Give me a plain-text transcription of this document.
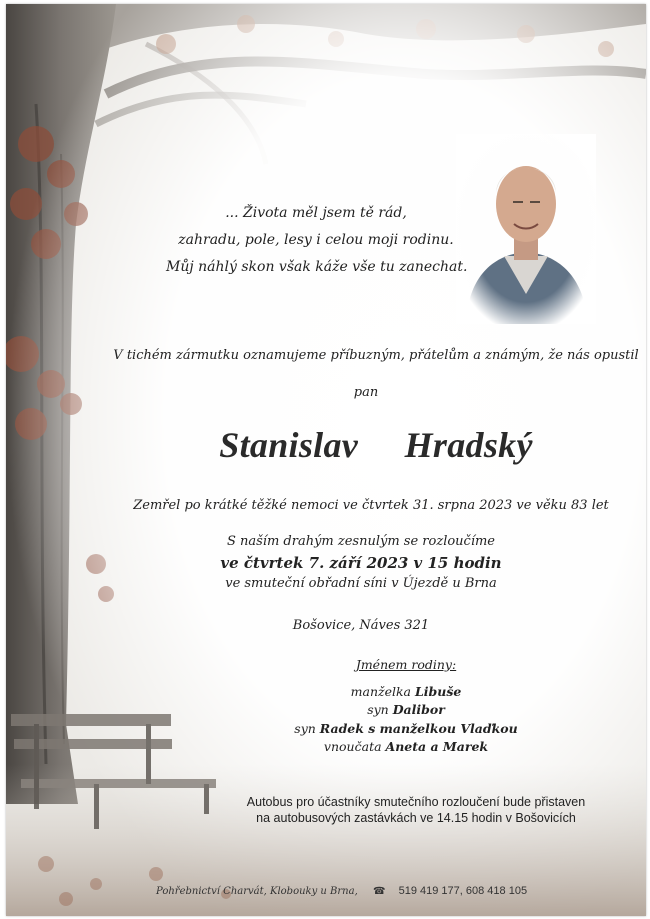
... Života měl jsem tě rád,
zahradu, pole, lesy i celou moji rodinu.
Můj náhlý skon však káže vše tu zanechat.
V tichém zármutku oznamujeme příbuzným, přátelům a známým, že nás opustil
pan
Stanislav  Hradský
Zemřel po krátké těžké nemoci ve čtvrtek 31. srpna 2023 ve věku 83 let
S naším drahým zesnulým se rozloučíme
ve čtvrtek 7. září 2023 v 15 hodin
ve smuteční obřadní síni v Újezdě u Brna
Bošovice, Náves 321
Jménem rodiny:
manželka Libuše
syn Dalibor
syn Radek s manželkou Vlaďkou
vnoučata Aneta a Marek
Autobus pro účastníky smutečního rozloučení bude přistaven
na autobusových zastávkách ve 14.15 hodin v Bošovicích
Pohřebnictví Charvát, Klobouky u Brna, ☎ 519 419 177, 608 418 105
